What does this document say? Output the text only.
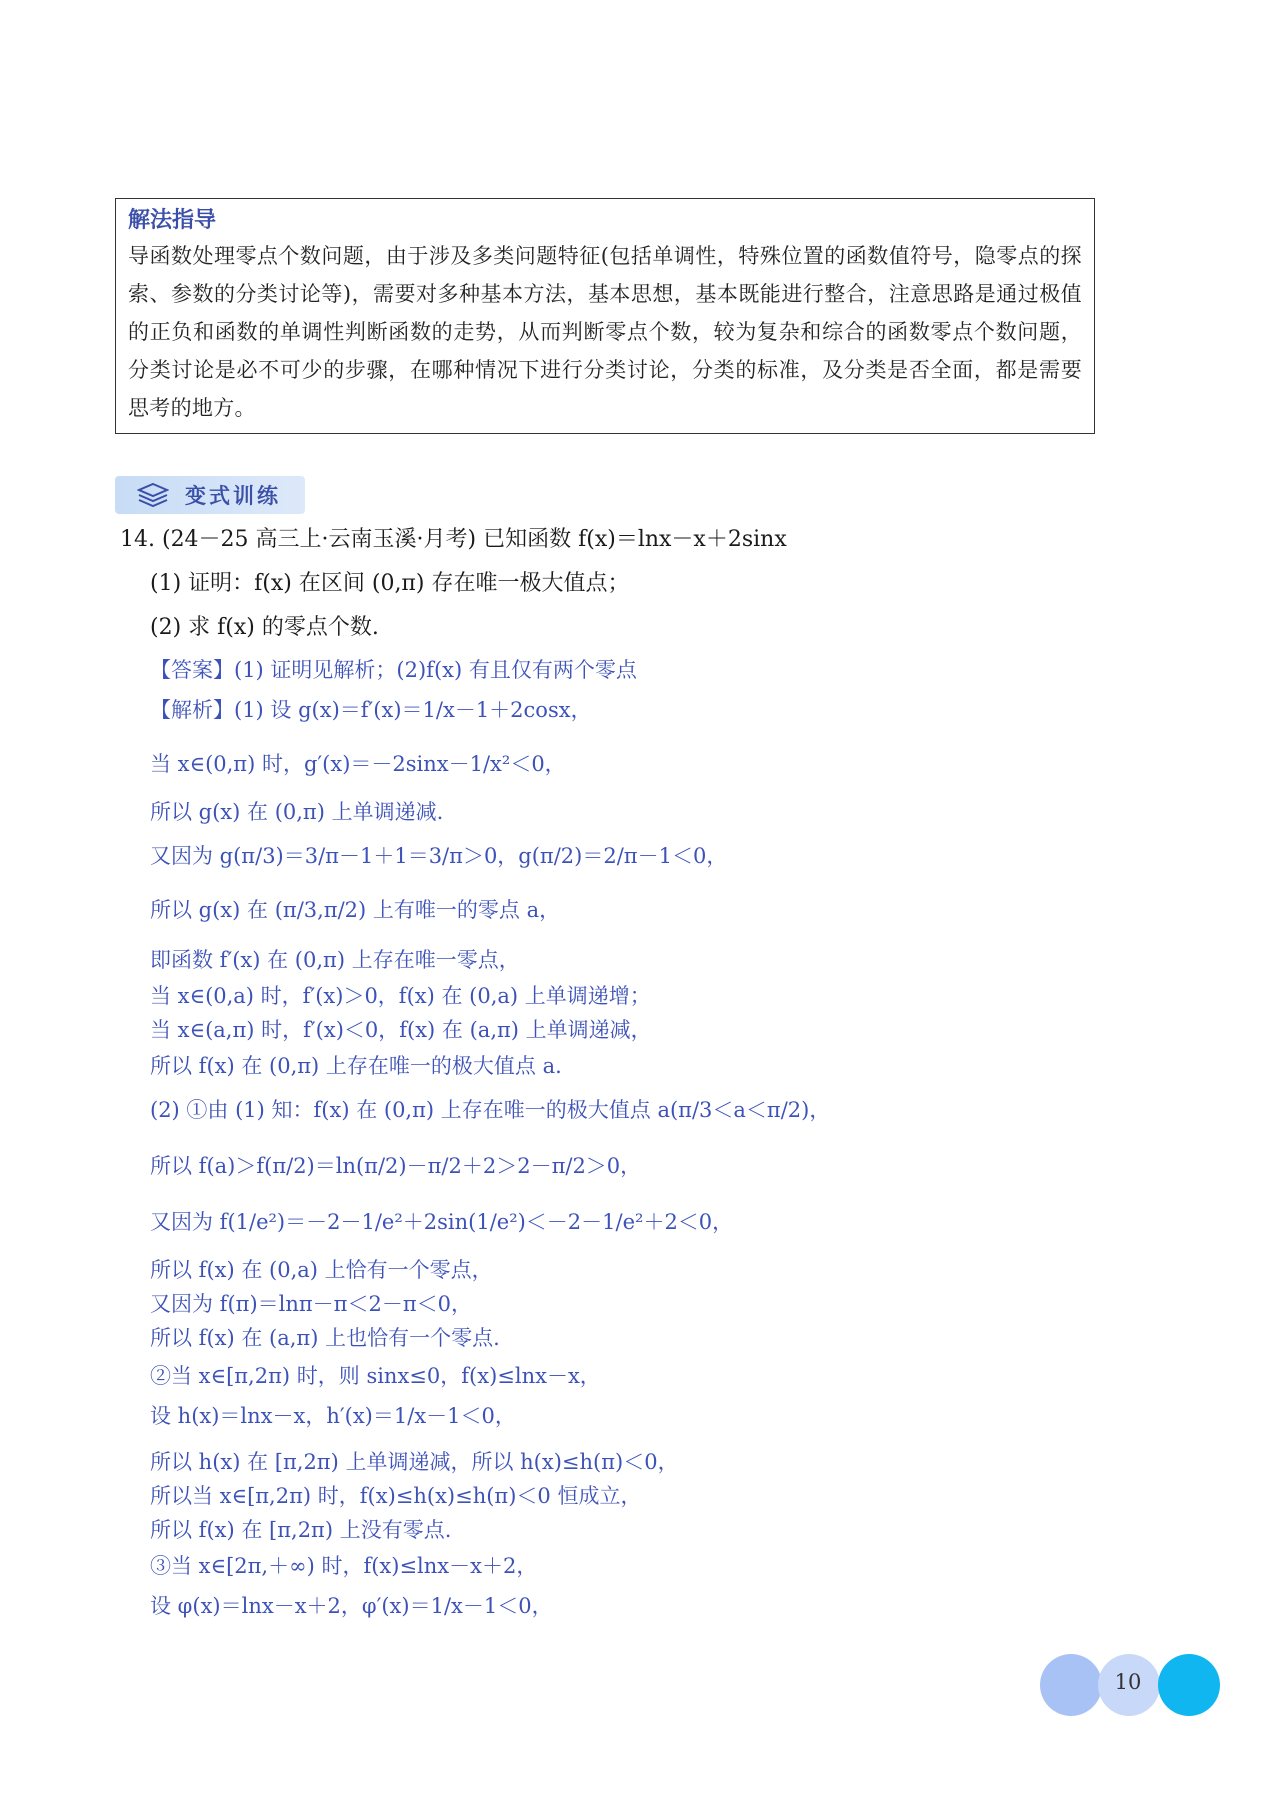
解法指导
导函数处理零点个数问题，由于涉及多类问题特征(包括单调性，特殊位置的函数值符号，隐零点的探索、参数的分类讨论等)，需要对多种基本方法，基本思想，基本既能进行整合，注意思路是通过极值的正负和函数的单调性判断函数的走势，从而判断零点个数，较为复杂和综合的函数零点个数问题，分类讨论是必不可少的步骤，在哪种情况下进行分类讨论，分类的标准，及分类是否全面，都是需要思考的地方。
变式训练
14. (24－25 高三上·云南玉溪·月考) 已知函数 f(x)＝lnx－x＋2sinx
(1) 证明：f(x) 在区间 (0,π) 存在唯一极大值点；
(2) 求 f(x) 的零点个数.
【答案】(1) 证明见解析；(2)f(x) 有且仅有两个零点
【解析】(1) 设 g(x)＝f′(x)＝1/x－1＋2cosx，
当 x∈(0,π) 时，g′(x)＝－2sinx－1/x²＜0，
所以 g(x) 在 (0,π) 上单调递减.
又因为 g(π/3)＝3/π－1＋1＝3/π＞0，g(π/2)＝2/π－1＜0，
所以 g(x) 在 (π/3,π/2) 上有唯一的零点 a，
即函数 f′(x) 在 (0,π) 上存在唯一零点，
当 x∈(0,a) 时，f′(x)＞0，f(x) 在 (0,a) 上单调递增；
当 x∈(a,π) 时，f′(x)＜0，f(x) 在 (a,π) 上单调递减，
所以 f(x) 在 (0,π) 上存在唯一的极大值点 a.
(2) ①由 (1) 知：f(x) 在 (0,π) 上存在唯一的极大值点 a(π/3＜a＜π/2)，
所以 f(a)＞f(π/2)＝ln(π/2)－π/2＋2＞2－π/2＞0，
又因为 f(1/e²)＝－2－1/e²＋2sin(1/e²)＜－2－1/e²＋2＜0，
所以 f(x) 在 (0,a) 上恰有一个零点，
又因为 f(π)＝lnπ－π＜2－π＜0，
所以 f(x) 在 (a,π) 上也恰有一个零点.
②当 x∈[π,2π) 时，则 sinx≤0，f(x)≤lnx－x，
设 h(x)＝lnx－x，h′(x)＝1/x－1＜0，
所以 h(x) 在 [π,2π) 上单调递减，所以 h(x)≤h(π)＜0，
所以当 x∈[π,2π) 时，f(x)≤h(x)≤h(π)＜0 恒成立，
所以 f(x) 在 [π,2π) 上没有零点.
③当 x∈[2π,＋∞) 时，f(x)≤lnx－x＋2，
设 φ(x)＝lnx－x＋2，φ′(x)＝1/x－1＜0，
10
